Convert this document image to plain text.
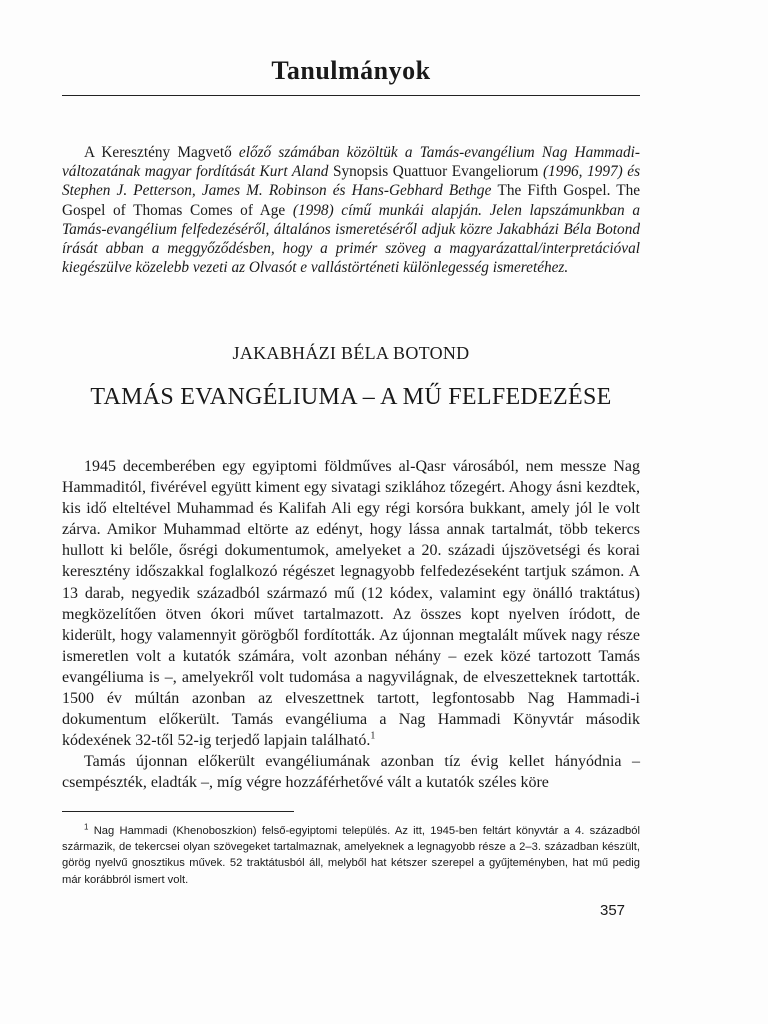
Tanulmányok
A Keresztény Magvető előző számában közöltük a Tamás-evangélium Nag Hammadi-változatának magyar fordítását Kurt Aland Synopsis Quattuor Evangeliorum (1996, 1997) és Stephen J. Petterson, James M. Robinson és Hans-Gebhard Bethge The Fifth Gospel. The Gospel of Thomas Comes of Age (1998) című munkái alapján. Jelen lapszámunkban a Tamás-evangélium felfedezéséről, általános ismeretéséről adjuk közre Jakabházi Béla Botond írását abban a meggyőződésben, hogy a primér szöveg a magyarázattal/interpretációval kiegészülve közelebb vezeti az Olvasót e vallástörténeti különlegesség ismeretéhez.
JAKABHÁZI BÉLA BOTOND
TAMÁS EVANGÉLIUMA – A MŰ FELFEDEZÉSE

1945 decemberében egy egyiptomi földműves al-Qasr városából, nem messze Nag Hammaditól, fivérével együtt kiment egy sivatagi sziklához tőzegért. Ahogy ásni kezdtek, kis idő elteltével Muhammad és Kalifah Ali egy régi korsóra bukkant, amely jól le volt zárva. Amikor Muhammad eltörte az edényt, hogy lássa annak tartalmát, több tekercs hullott ki belőle, ősrégi dokumentumok, amelyeket a 20. századi újszövetségi és korai keresztény időszakkal foglalkozó régészet legnagyobb felfedezéseként tartjuk számon. A 13 darab, negyedik századból származó mű (12 kódex, valamint egy önálló traktátus) megközelítően ötven ókori művet tartalmazott. Az összes kopt nyelven íródott, de kiderült, hogy valamennyit görögből fordították. Az újonnan megtalált művek nagy része ismeretlen volt a kutatók számára, volt azonban néhány – ezek közé tartozott Tamás evangéliuma is –, amelyekről volt tudomása a nagyvilágnak, de elveszetteknek tartották. 1500 év múltán azonban az elveszettnek tartott, legfontosabb Nag Hammadi-i dokumentum előkerült. Tamás evangéliuma a Nag Hammadi Könyvtár második kódexének 32-től 52-ig terjedő lapjain található.$^1$

Tamás újonnan előkerült evangéliumának azonban tíz évig kellet hányódnia – csempészték, eladták –, míg végre hozzáférhetővé vált a kutatók széles köre

$^1$ Nag Hammadi (Khenoboszkion) felső-egyiptomi település. Az itt, 1945-ben feltárt könyvtár a 4. századból származik, de tekercsei olyan szövegeket tartalmaznak, amelyeknek a legnagyobb része a 2–3. században készült, görög nyelvű gnosztikus művek. 52 traktátusból áll, melyből hat kétszer szerepel a gyűjteményben, hat mű pedig már korábbról ismert volt.
357
